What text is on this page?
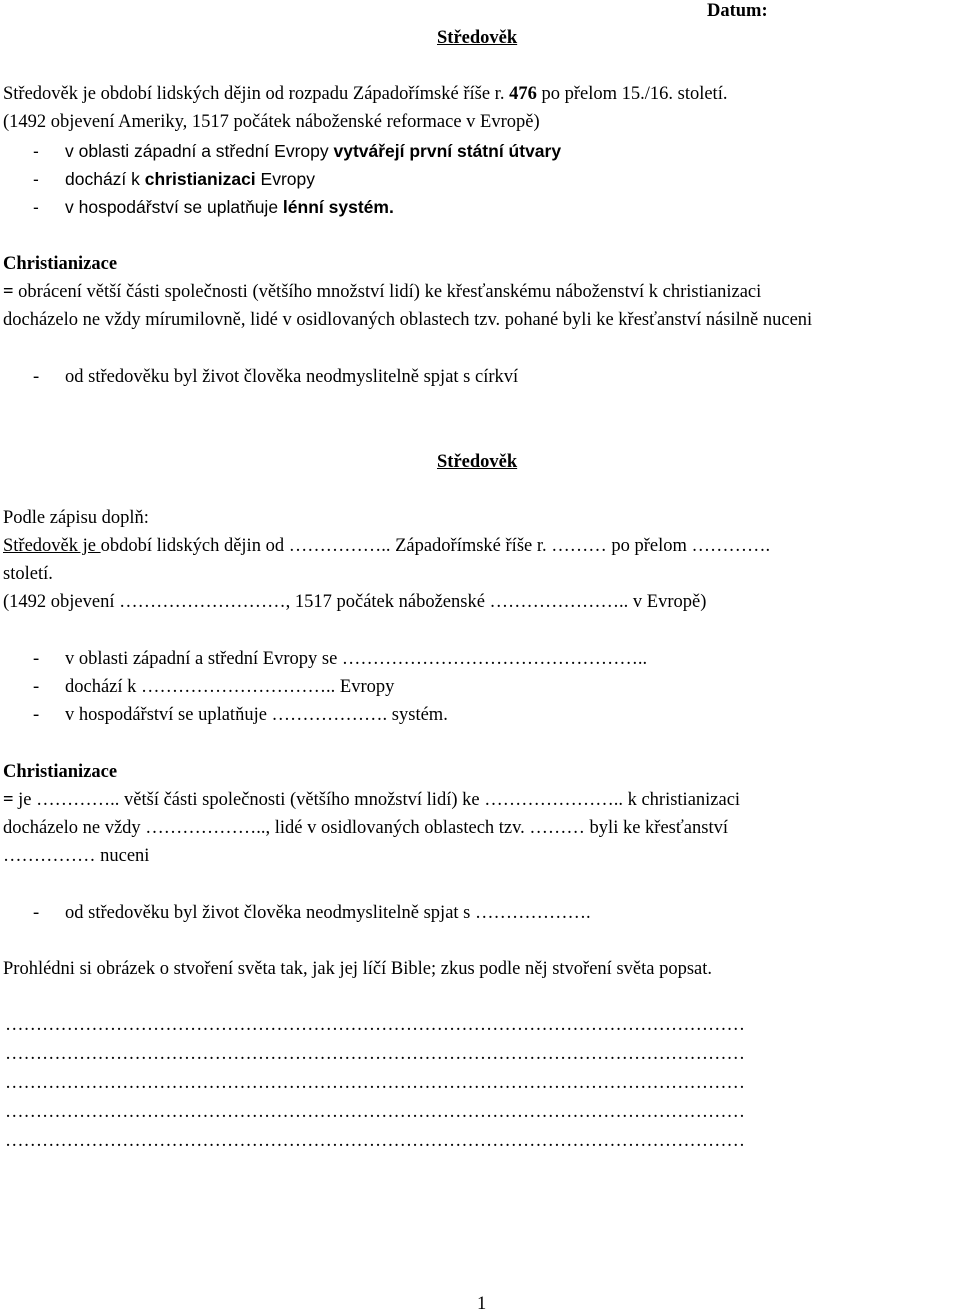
Datum:
Středověk
Středověk je období lidských dějin od rozpadu Západořímské říše r. 476 po přelom 15./16. století.
(1492 objevení Ameriky, 1517 počátek náboženské reformace v Evropě)
- v oblasti západní a střední Evropy vytvářejí první státní útvary
- dochází k christianizaci Evropy
- v hospodářství se uplatňuje lénní systém.
Christianizace
= obrácení větší části společnosti (většího množství lidí) ke křesťanskému náboženství k christianizaci
docházelo ne vždy mírumilovně, lidé v osidlovaných oblastech tzv. pohané byli ke křesťanství násilně nuceni
- od středověku byl život člověka neodmyslitelně spjat s církví
Středověk
Podle zápisu doplň:
Středověk je období lidských dějin od …………….. Západořímské říše r. ……… po přelom ………….
století.
(1492 objevení ………………………, 1517 počátek náboženské ………………….. v Evropě)
- v oblasti západní a střední Evropy se …………………………………………..
- dochází k ………………………….. Evropy
- v hospodářství se uplatňuje ………………. systém.
Christianizace
= je ………….. větší části společnosti (většího množství lidí) ke ………………….. k christianizaci
docházelo ne vždy ……………….., lidé v osidlovaných oblastech tzv. ……… byli ke křesťanství
…………… nuceni
- od středověku byl život člověka neodmyslitelně spjat s ……………….
Prohlédni si obrázek o stvoření světa tak, jak jej líčí Bible; zkus podle něj stvoření světa popsat.
…………………………………………………………………………………………………………
…………………………………………………………………………………………………………
…………………………………………………………………………………………………………
…………………………………………………………………………………………………………
…………………………………………………………………………………………………………
1
